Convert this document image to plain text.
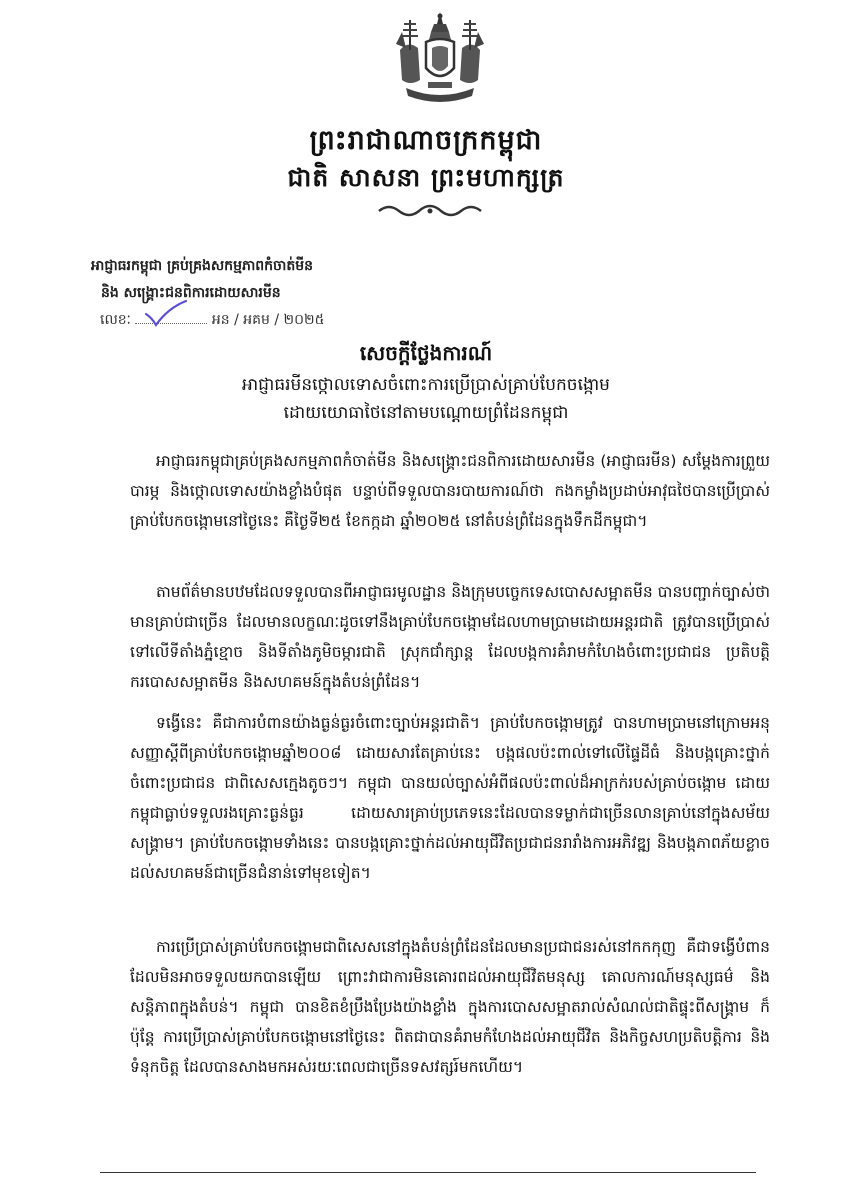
ព្រះរាជាណាចក្រកម្ពុជា
ជាតិ សាសនា ព្រះមហាក្សត្រ
អាជ្ញាធរកម្ពុជា គ្រប់គ្រងសកម្មភាពកំចាត់មីន
និង សង្គ្រោះជនពិការដោយសារមីន
លេខៈ	អន / អគម / ២០២៥
សេចក្តីថ្លែងការណ៍
អាជ្ញាធរមីនថ្កោលទោសចំពោះការប្រើប្រាស់គ្រាប់បែកចង្កោម
ដោយយោធាថៃនៅតាមបណ្តោយព្រំដែនកម្ពុជា
អាជ្ញាធរកម្ពុជាគ្រប់គ្រងសកម្មភាពកំចាត់មីន និងសង្គ្រោះជនពិការដោយសារមីន (អាជ្ញាធរមីន) សម្តែងការព្រួយបារម្ភ និងថ្កោលទោសយ៉ាងខ្លាំងបំផុត បន្ទាប់ពីទទួលបានរបាយការណ៍ថា កងកម្លាំងប្រដាប់អាវុធថៃបានប្រើប្រាស់គ្រាប់បែកចង្កោមនៅថ្ងៃនេះ គឺថ្ងៃទី២៥ ខែកក្កដា ឆ្នាំ២០២៥ នៅតំបន់ព្រំដែនក្នុងទឹកដីកម្ពុជា។
តាមព័ត៌មានបឋមដែលទទួលបានពីអាជ្ញាធរមូលដ្ឋាន និងក្រុមបច្ចេកទេសបោសសម្អាតមីន បានបញ្ជាក់ច្បាស់ថា មានគ្រាប់ជាច្រើន ដែលមានលក្ខណៈដូចទៅនឹងគ្រាប់បែកចង្កោមដែលហាមប្រាមដោយអន្តរជាតិ ត្រូវបានប្រើប្រាស់ទៅលើទីតាំងភ្នំខ្មោច និងទីតាំងភូមិចម្ការជាតិ ស្រុកជាំក្សាន្ត ដែលបង្កការគំរាមកំហែងចំពោះប្រជាជន ប្រតិបត្តិករបោសសម្អាតមីន និងសហគមន៍ក្នុងតំបន់ព្រំដែន។
ទង្វើនេះ គឺជាការបំពានយ៉ាងធ្ងន់ធ្ងរចំពោះច្បាប់អន្តរជាតិ។ គ្រាប់បែកចង្កោមត្រូវ បានហាមប្រាមនៅក្រោមអនុសញ្ញាស្តីពីគ្រាប់បែកចង្កោមឆ្នាំ២០០៨ ដោយសារតែគ្រាប់នេះ បង្កផលប៉ះពាល់ទៅលើផ្ទៃដីធំ និងបង្កគ្រោះថ្នាក់ចំពោះប្រជាជន ជាពិសេសក្មេងតូចៗ។ កម្ពុជា បានយល់ច្បាស់អំពីផលប៉ះពាល់ដ៏អាក្រក់របស់គ្រាប់ចង្កោម ដោយកម្ពុជាធ្លាប់ទទួលរងគ្រោះធ្ងន់ធ្ងរ ដោយសារគ្រាប់ប្រភេទនេះដែលបានទម្លាក់ជាច្រើនលានគ្រាប់នៅក្នុងសម័យសង្គ្រាម។ គ្រាប់បែកចង្កោមទាំងនេះ បានបង្កគ្រោះថ្នាក់ដល់អាយុជីវិតប្រជាជនរារាំងការអភិវឌ្ឍ និងបង្កភាពភ័យខ្លាចដល់សហគមន៍ជាច្រើនជំនាន់ទៅមុខទៀត។
ការប្រើប្រាស់គ្រាប់បែកចង្កោមជាពិសេសនៅក្នុងតំបន់ព្រំដែនដែលមានប្រជាជនរស់នៅកកកុញ គឺជាទង្វើបំពានដែលមិនអាចទទួលយកបានឡើយ ព្រោះវាជាការមិនគោរពដល់អាយុជីវិតមនុស្ស គោលការណ៍មនុស្សធម៌ និងសន្តិភាពក្នុងតំបន់។ កម្ពុជា បានខិតខំប្រឹងប្រែងយ៉ាងខ្លាំង ក្នុងការបោសសម្អាតរាល់សំណល់ជាតិផ្ទុះពីសង្គ្រាម ក៏ប៉ុន្តែ ការប្រើប្រាស់គ្រាប់បែកចង្កោមនៅថ្ងៃនេះ ពិតជាបានគំរាមកំហែងដល់អាយុជីវិត និងកិច្ចសហប្រតិបត្តិការ និងទំនុកចិត្ត ដែលបានសាងមកអស់រយៈពេលជាច្រើនទសវត្សរ៍មកហើយ។
